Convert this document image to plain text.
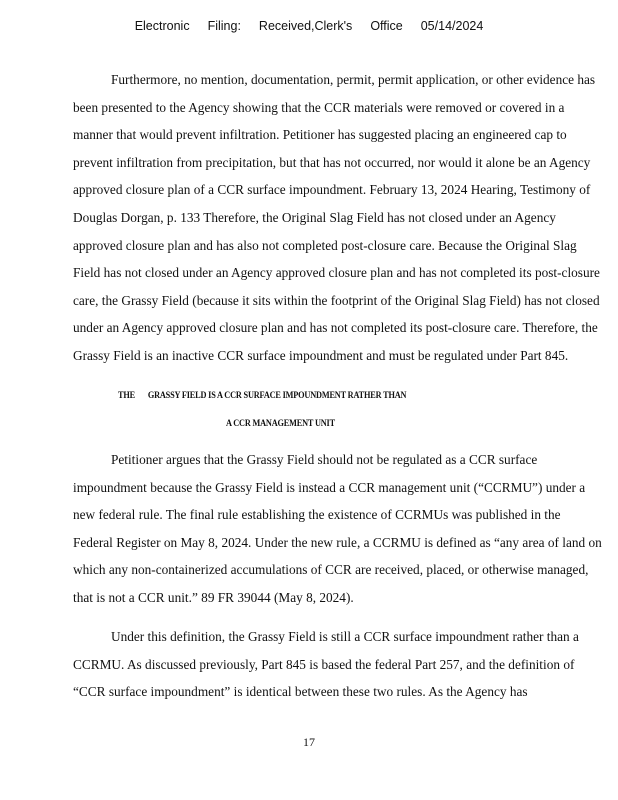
Electronic Filing: Received,Clerk's Office 05/14/2024

Furthermore, no mention, documentation, permit, permit application, or other evidence has been presented to the Agency showing that the CCR materials were removed or covered in a manner that would prevent infiltration. Petitioner has suggested placing an engineered cap to prevent infiltration from precipitation, but that has not occurred, nor would it alone be an Agency approved closure plan of a CCR surface impoundment. February 13, 2024 Hearing, Testimony of Douglas Dorgan, p. 133 Therefore, the Original Slag Field has not closed under an Agency approved closure plan and has also not completed post-closure care. Because the Original Slag Field has not closed under an Agency approved closure plan and has not completed its post-closure care, the Grassy Field (because it sits within the footprint of the Original Slag Field) has not closed under an Agency approved closure plan and has not completed its post-closure care. Therefore, the Grassy Field is an inactive CCR surface impoundment and must be regulated under Part 845.

THE GRASSY FIELD IS A CCR SURFACE IMPOUNDMENT RATHER THAN
A CCR MANAGEMENT UNIT

Petitioner argues that the Grassy Field should not be regulated as a CCR surface impoundment because the Grassy Field is instead a CCR management unit (“CCRMU”) under a new federal rule. The final rule establishing the existence of CCRMUs was published in the Federal Register on May 8, 2024. Under the new rule, a CCRMU is defined as “any area of land on which any non-containerized accumulations of CCR are received, placed, or otherwise managed, that is not a CCR unit.” 89 FR 39044 (May 8, 2024).

Under this definition, the Grassy Field is still a CCR surface impoundment rather than a CCRMU. As discussed previously, Part 845 is based the federal Part 257, and the definition of “CCR surface impoundment” is identical between these two rules. As the Agency has

17
